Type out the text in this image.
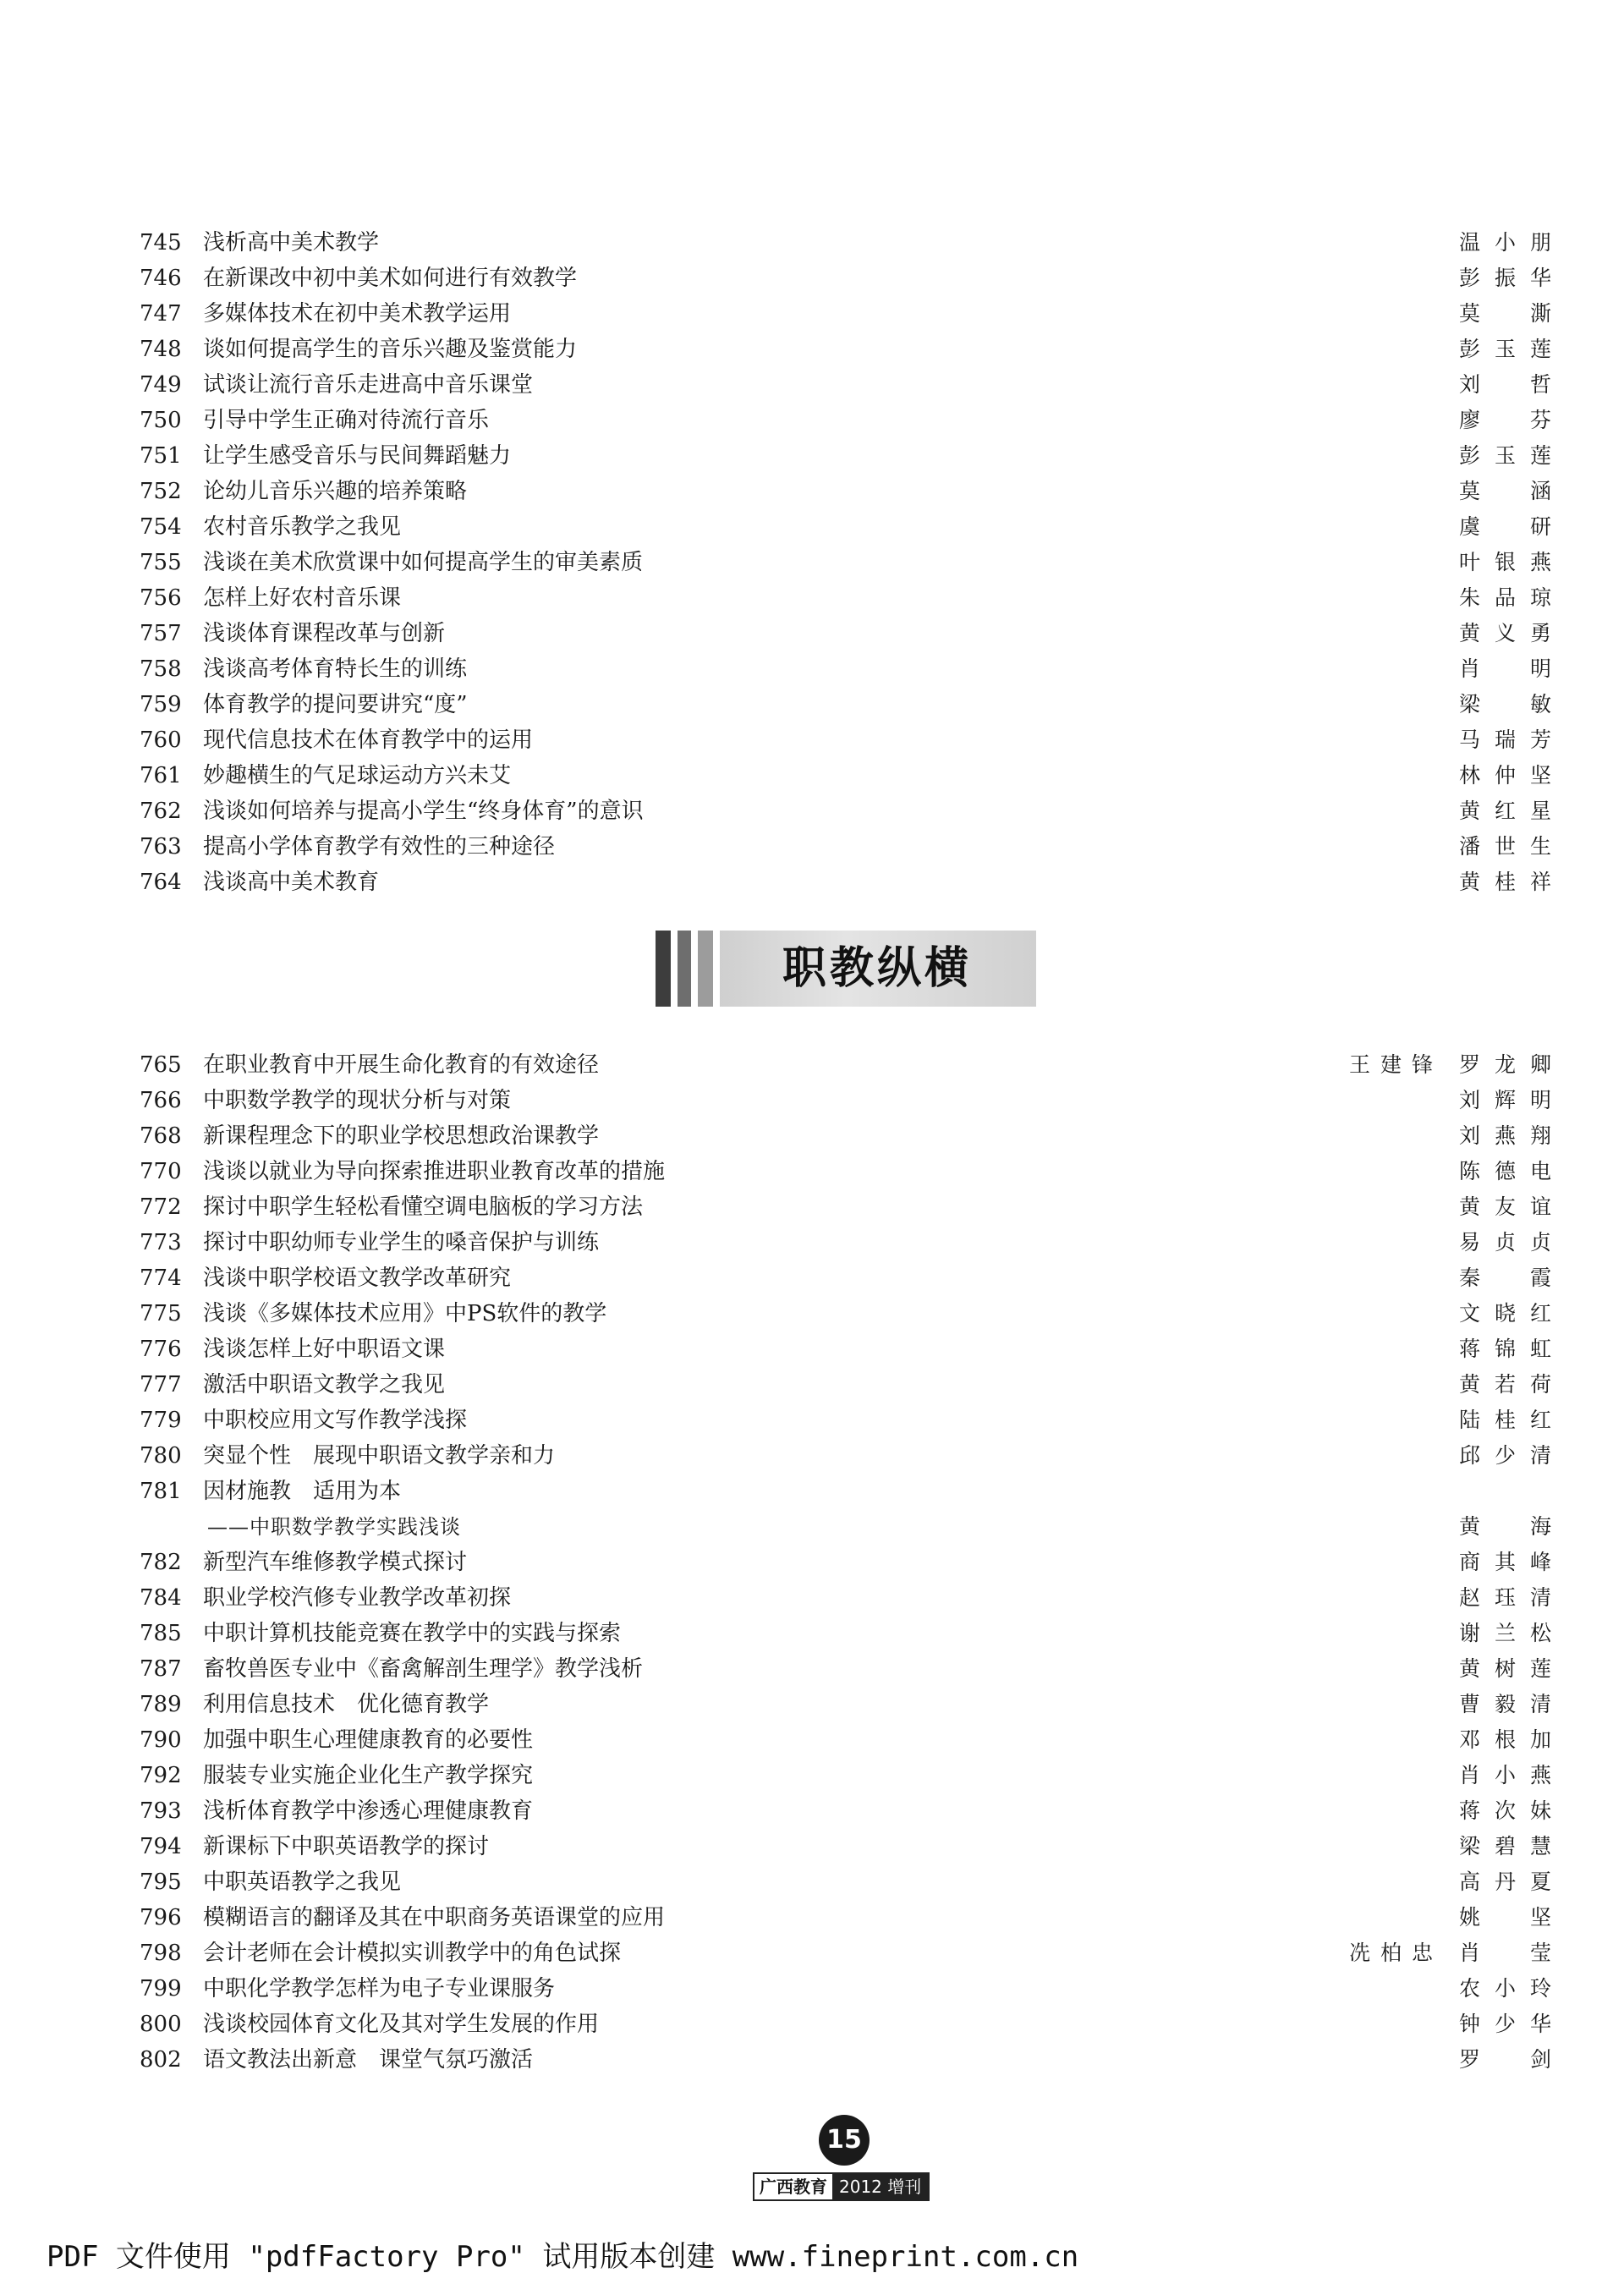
745 浅析高中美术教学	温小朋
746 在新课改中初中美术如何进行有效教学	彭振华
747 多媒体技术在初中美术教学运用	莫 澌
748 谈如何提高学生的音乐兴趣及鉴赏能力	彭玉莲
749 试谈让流行音乐走进高中音乐课堂	刘 哲
750 引导中学生正确对待流行音乐	廖 芬
751 让学生感受音乐与民间舞蹈魅力	彭玉莲
752 论幼儿音乐兴趣的培养策略	莫 涵
754 农村音乐教学之我见	虞 研
755 浅谈在美术欣赏课中如何提高学生的审美素质	叶银燕
756 怎样上好农村音乐课	朱品琼
757 浅谈体育课程改革与创新	黄义勇
758 浅谈高考体育特长生的训练	肖 明
759 体育教学的提问要讲究“度”	梁 敏
760 现代信息技术在体育教学中的运用	马瑞芳
761 妙趣横生的气足球运动方兴未艾	林仲坚
762 浅谈如何培养与提高小学生“终身体育”的意识	黄红星
763 提高小学体育教学有效性的三种途径	潘世生
764 浅谈高中美术教育	黄桂祥
职教纵横
765 在职业教育中开展生命化教育的有效途径	王建锋 罗龙卿
766 中职数学教学的现状分析与对策	刘辉明
768 新课程理念下的职业学校思想政治课教学	刘燕翔
770 浅谈以就业为导向探索推进职业教育改革的措施	陈德电
772 探讨中职学生轻松看懂空调电脑板的学习方法	黄友谊
773 探讨中职幼师专业学生的嗓音保护与训练	易贞贞
774 浅谈中职学校语文教学改革研究	秦 霞
775 浅谈《多媒体技术应用》中PS软件的教学	文晓红
776 浅谈怎样上好中职语文课	蒋锦虹
777 激活中职语文教学之我见	黄若荷
779 中职校应用文写作教学浅探	陆桂红
780 突显个性　展现中职语文教学亲和力	邱少清
781 因材施教　适用为本
——中职数学教学实践浅谈	黄 海
782 新型汽车维修教学模式探讨	商其峰
784 职业学校汽修专业教学改革初探	赵珏清
785 中职计算机技能竞赛在教学中的实践与探索	谢兰松
787 畜牧兽医专业中《畜禽解剖生理学》教学浅析	黄树莲
789 利用信息技术　优化德育教学	曹毅清
790 加强中职生心理健康教育的必要性	邓根加
792 服装专业实施企业化生产教学探究	肖小燕
793 浅析体育教学中渗透心理健康教育	蒋次妹
794 新课标下中职英语教学的探讨	梁碧慧
795 中职英语教学之我见	高丹夏
796 模糊语言的翻译及其在中职商务英语课堂的应用	姚 坚
798 会计老师在会计模拟实训教学中的角色试探	冼柏忠 肖 莹
799 中职化学教学怎样为电子专业课服务	农小玲
800 浅谈校园体育文化及其对学生发展的作用	钟少华
802 语文教法出新意　课堂气氛巧激活	罗 剑
15
广西教育 2012 增刊
PDF 文件使用 "pdfFactory Pro" 试用版本创建 www.fineprint.com.cn
